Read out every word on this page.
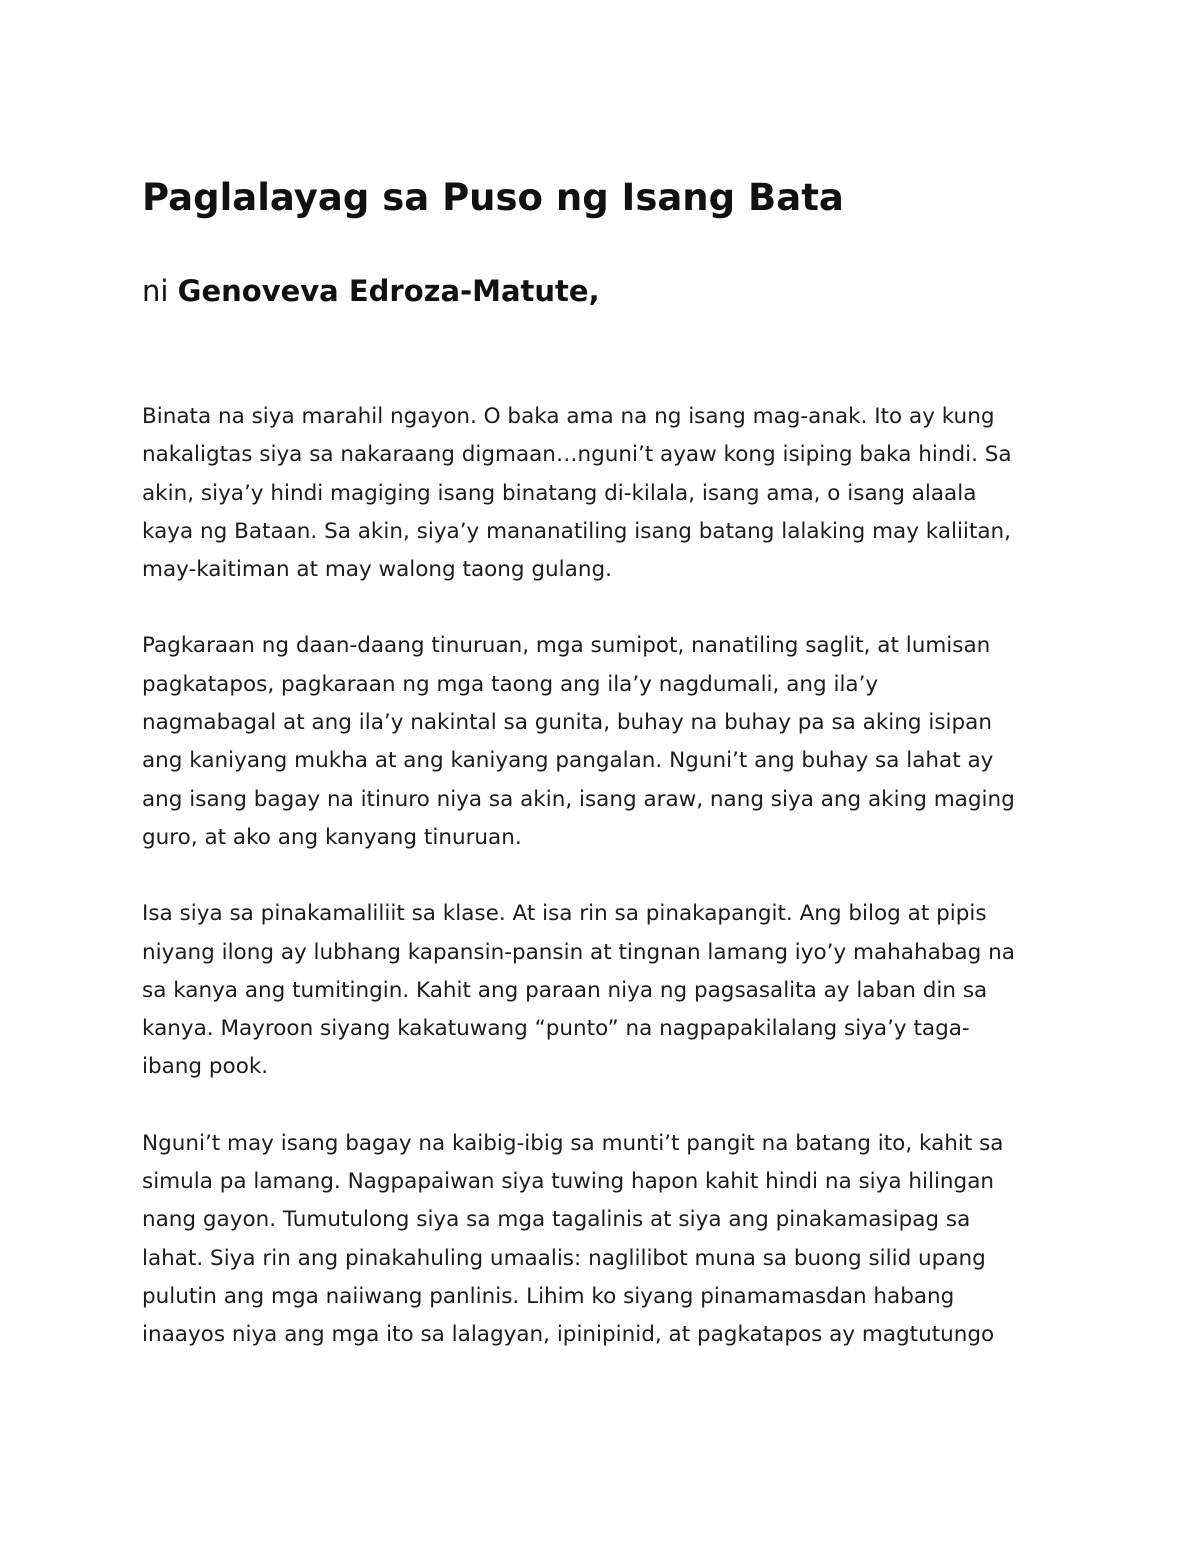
Paglalayag sa Puso ng Isang Bata

ni Genoveva Edroza-Matute,

Binata na siya marahil ngayon. O baka ama na ng isang mag-anak. Ito ay kung
nakaligtas siya sa nakaraang digmaan…nguni’t ayaw kong isiping baka hindi. Sa
akin, siya’y hindi magiging isang binatang di-kilala, isang ama, o isang alaala
kaya ng Bataan. Sa akin, siya’y mananatiling isang batang lalaking may kaliitan,
may-kaitiman at may walong taong gulang.

Pagkaraan ng daan-daang tinuruan, mga sumipot, nanatiling saglit, at lumisan
pagkatapos, pagkaraan ng mga taong ang ila’y nagdumali, ang ila’y
nagmabagal at ang ila’y nakintal sa gunita, buhay na buhay pa sa aking isipan
ang kaniyang mukha at ang kaniyang pangalan. Nguni’t ang buhay sa lahat ay
ang isang bagay na itinuro niya sa akin, isang araw, nang siya ang aking maging
guro, at ako ang kanyang tinuruan.

Isa siya sa pinakamaliliit sa klase. At isa rin sa pinakapangit. Ang bilog at pipis
niyang ilong ay lubhang kapansin-pansin at tingnan lamang iyo’y mahahabag na
sa kanya ang tumitingin. Kahit ang paraan niya ng pagsasalita ay laban din sa
kanya. Mayroon siyang kakatuwang “punto” na nagpapakilalang siya’y taga-
ibang pook.

Nguni’t may isang bagay na kaibig-ibig sa munti’t pangit na batang ito, kahit sa
simula pa lamang. Nagpapaiwan siya tuwing hapon kahit hindi na siya hilingan
nang gayon. Tumutulong siya sa mga tagalinis at siya ang pinakamasipag sa
lahat. Siya rin ang pinakahuling umaalis: naglilibot muna sa buong silid upang
pulutin ang mga naiiwang panlinis. Lihim ko siyang pinamamasdan habang
inaayos niya ang mga ito sa lalagyan, ipinipinid, at pagkatapos ay magtutungo
